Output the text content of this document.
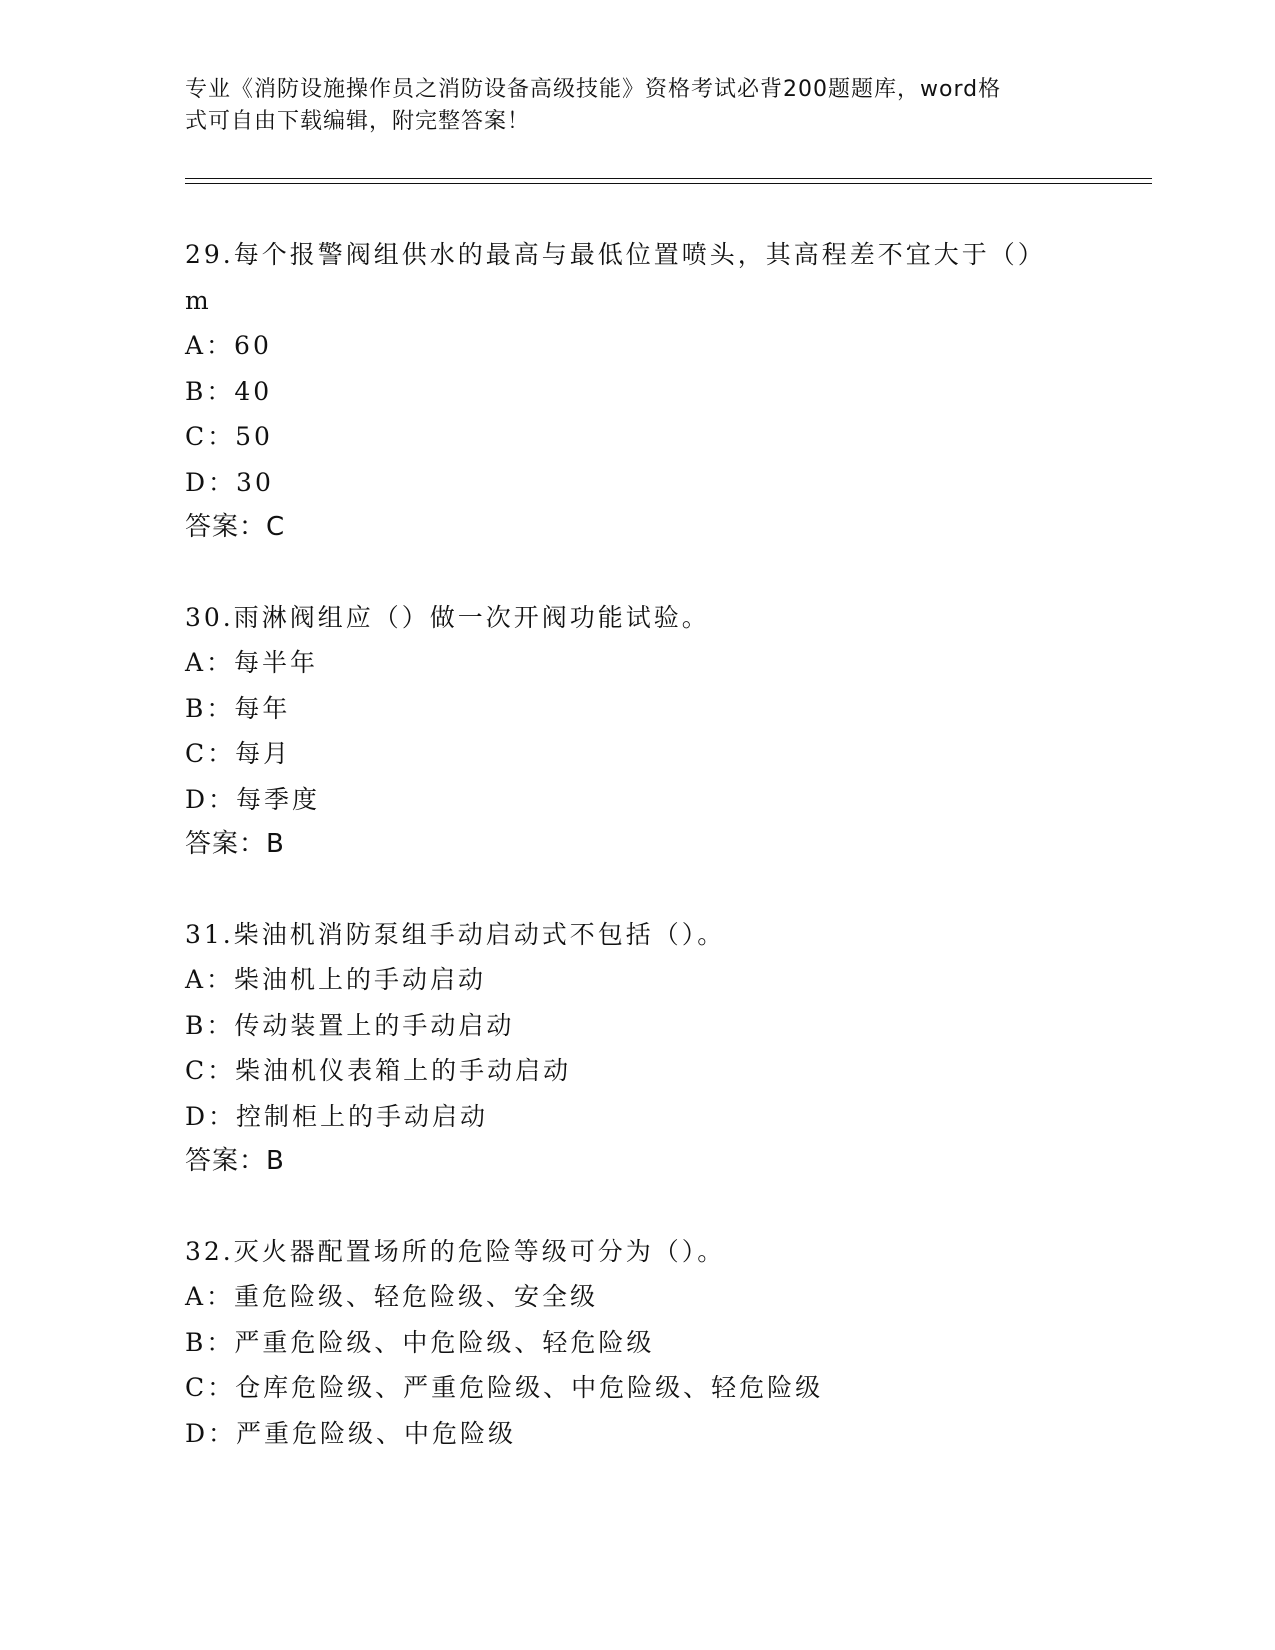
专业《消防设施操作员之消防设备高级技能》资格考试必背200题题库，word格
式可自由下载编辑，附完整答案！
29.每个报警阀组供水的最高与最低位置喷头，其高程差不宜大于（）
m
A：60
B：40
C：50
D：30
答案：C
30.雨淋阀组应（）做一次开阀功能试验。
A：每半年
B：每年
C：每月
D：每季度
答案：B
31.柴油机消防泵组手动启动式不包括（）。
A：柴油机上的手动启动
B：传动装置上的手动启动
C：柴油机仪表箱上的手动启动
D：控制柜上的手动启动
答案：B
32.灭火器配置场所的危险等级可分为（）。
A：重危险级、轻危险级、安全级
B：严重危险级、中危险级、轻危险级
C：仓库危险级、严重危险级、中危险级、轻危险级
D：严重危险级、中危险级
